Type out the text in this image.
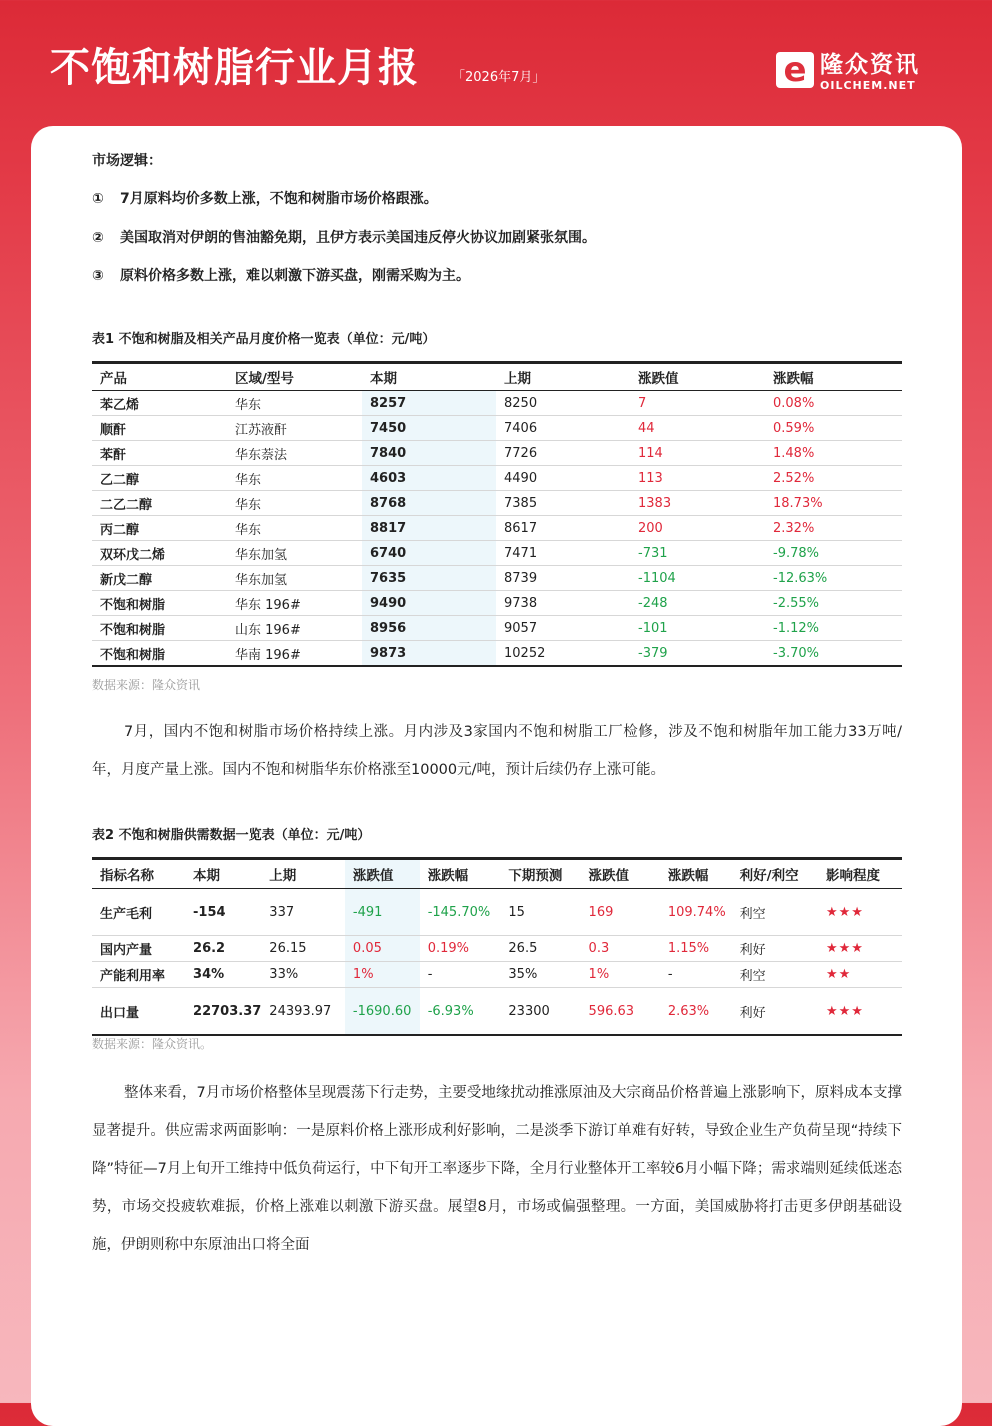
不饱和树脂行业月报	「2026年7月」	e 隆众资讯
OILCHEM.NET
市场逻辑：
① 7月原料均价多数上涨，不饱和树脂市场价格跟涨。
② 美国取消对伊朗的售油豁免期，且伊方表示美国违反停火协议加剧紧张氛围。
③ 原料价格多数上涨，难以刺激下游买盘，刚需采购为主。
表1 不饱和树脂及相关产品月度价格一览表（单位：元/吨）
产品	区域/型号	本期	上期	涨跌值	涨跌幅
苯乙烯	华东	8257	8250	7	0.08%
顺酐	江苏液酐	7450	7406	44	0.59%
苯酐	华东萘法	7840	7726	114	1.48%
乙二醇	华东	4603	4490	113	2.52%
二乙二醇	华东	8768	7385	1383	18.73%
丙二醇	华东	8817	8617	200	2.32%
双环戊二烯	华东加氢	6740	7471	-731	-9.78%
新戊二醇	华东加氢	7635	8739	-1104	-12.63%
不饱和树脂	华东 196#	9490	9738	-248	-2.55%
不饱和树脂	山东 196#	8956	9057	-101	-1.12%
不饱和树脂	华南 196#	9873	10252	-379	-3.70%
数据来源：隆众资讯
7月，国内不饱和树脂市场价格持续上涨。月内涉及3家国内不饱和树脂工厂检修，涉及不饱和树脂年加工能力33万吨/年，月度产量上涨。国内不饱和树脂华东价格涨至10000元/吨，预计后续仍存上涨可能。
表2 不饱和树脂供需数据一览表（单位：元/吨）
指标名称	本期	上期	涨跌值	涨跌幅	下期预测	涨跌值	涨跌幅	利好/利空	影响程度
生产毛利	-154	337	-491	-145.70%	15	169	109.74%	利空	★★★
国内产量	26.2	26.15	0.05	0.19%	26.5	0.3	1.15%	利好	★★★
产能利用率	34%	33%	1%	-	35%	1%	-	利空	★★
出口量	22703.37	24393.97	-1690.60	-6.93%	23300	596.63	2.63%	利好	★★★
数据来源：隆众资讯。
整体来看，7月市场价格整体呈现震荡下行走势，主要受地缘扰动推涨原油及大宗商品价格普遍上涨影响下，原料成本支撑显著提升。供应需求两面影响：一是原料价格上涨形成利好影响，二是淡季下游订单难有好转，导致企业生产负荷呈现“持续下降”特征—7月上旬开工维持中低负荷运行，中下旬开工率逐步下降，全月行业整体开工率较6月小幅下降；需求端则延续低迷态势，市场交投疲软难振，价格上涨难以刺激下游买盘。展望8月，市场或偏强整理。一方面，美国威胁将打击更多伊朗基础设施，伊朗则称中东原油出口将全面
